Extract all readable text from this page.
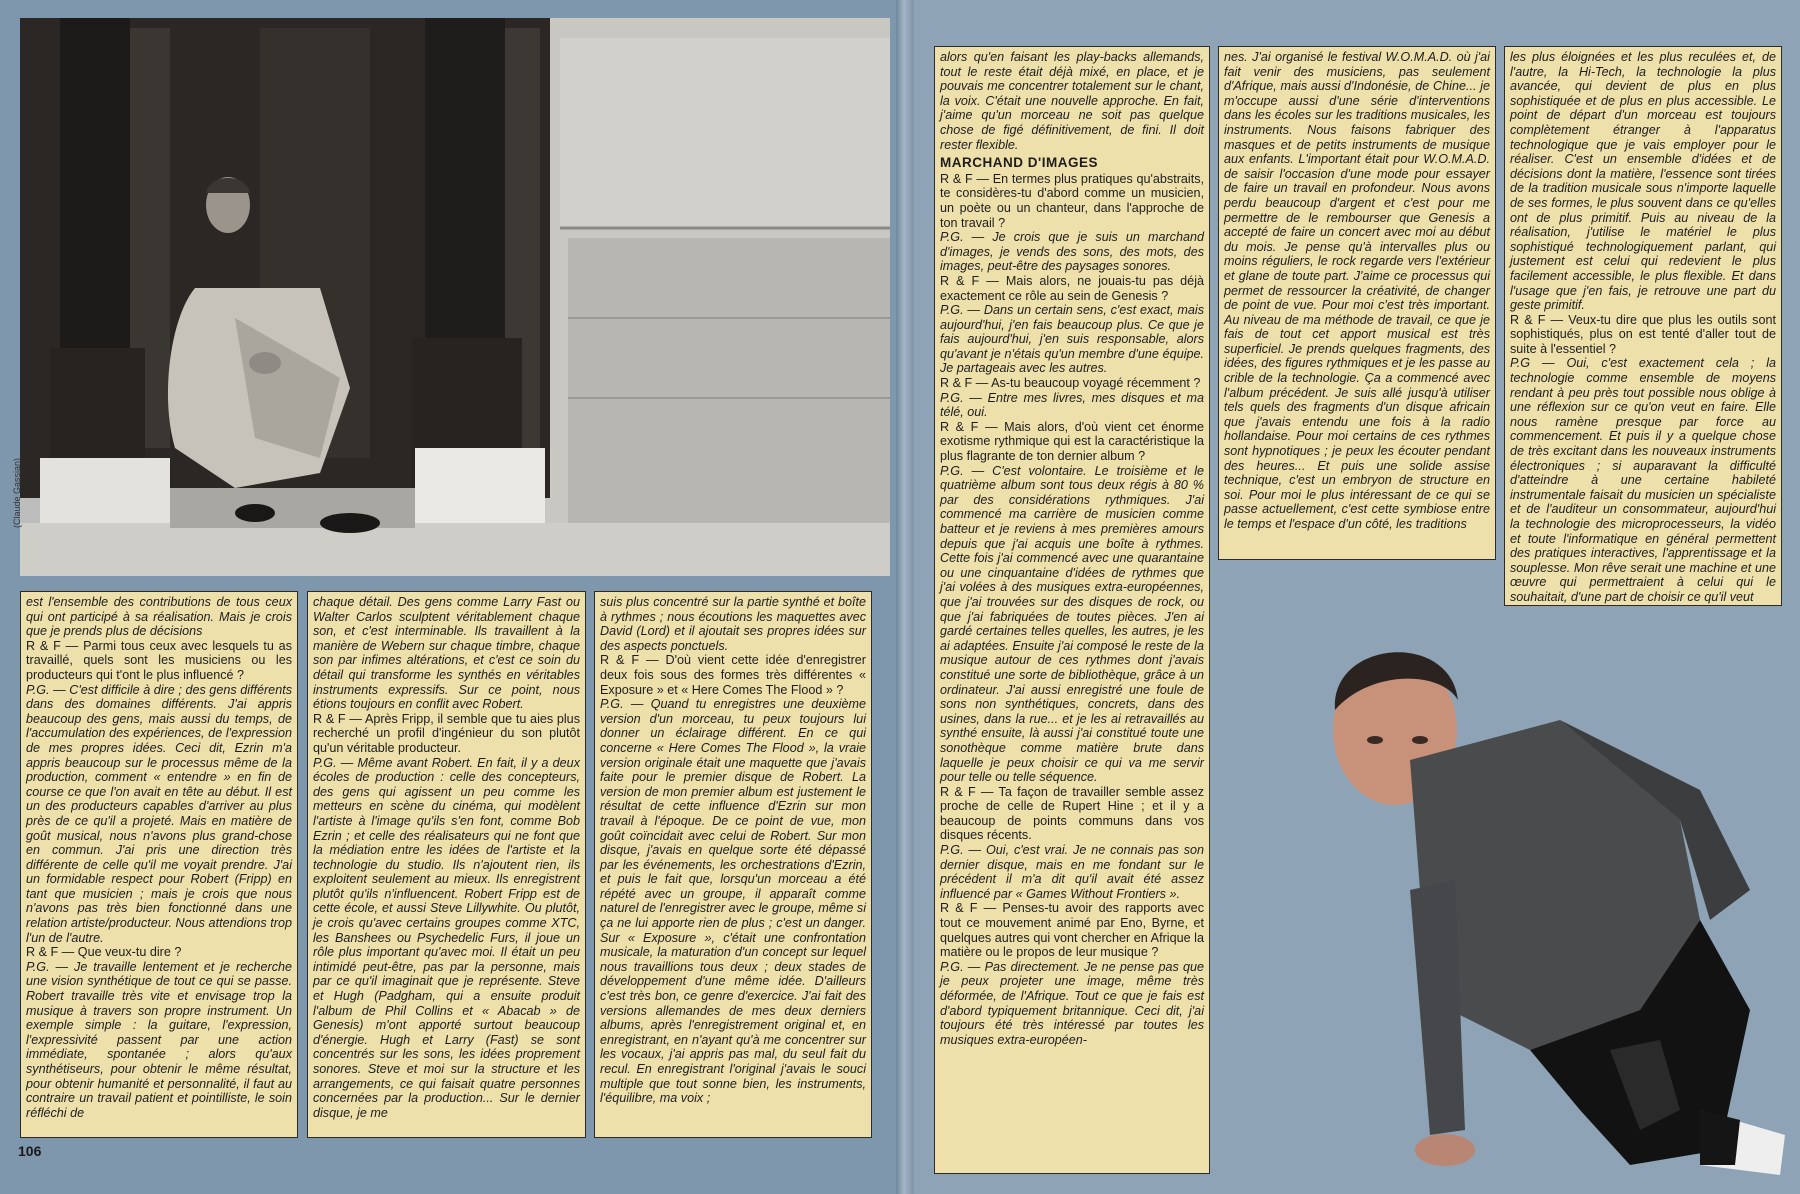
(Claude Gassian)

est l'ensemble des contributions de tous ceux qui ont participé à sa réalisation. Mais je crois que je prends plus de décisions

R & F — Parmi tous ceux avec lesquels tu as travaillé, quels sont les musiciens ou les producteurs qui t'ont le plus influencé ?

P.G. — C'est difficile à dire ; des gens différents dans des domaines différents. J'ai appris beaucoup des gens, mais aussi du temps, de l'accumulation des expériences, de l'expression de mes propres idées. Ceci dit, Ezrin m'a appris beaucoup sur le processus même de la production, comment « entendre » en fin de course ce que l'on avait en tête au début. Il est un des producteurs capables d'arriver au plus près de ce qu'il a projeté. Mais en matière de goût musical, nous n'avons plus grand-chose en commun. J'ai pris une direction très différente de celle qu'il me voyait prendre. J'ai un formidable respect pour Robert (Fripp) en tant que musicien ; mais je crois que nous n'avons pas très bien fonctionné dans une relation artiste/producteur. Nous attendions trop l'un de l'autre.

R & F — Que veux-tu dire ?

P.G. — Je travaille lentement et je recherche une vision synthétique de tout ce qui se passe. Robert travaille très vite et envisage trop la musique à travers son propre instrument. Un exemple simple : la guitare, l'expression, l'expressivité passent par une action immédiate, spontanée ; alors qu'aux synthétiseurs, pour obtenir le même résultat, pour obtenir humanité et personnalité, il faut au contraire un travail patient et pointilliste, le soin réfléchi de

chaque détail. Des gens comme Larry Fast ou Walter Carlos sculptent véritablement chaque son, et c'est interminable. Ils travaillent à la manière de Webern sur chaque timbre, chaque son par infimes altérations, et c'est ce soin du détail qui transforme les synthés en véritables instruments expressifs. Sur ce point, nous étions toujours en conflit avec Robert.

R & F — Après Fripp, il semble que tu aies plus recherché un profil d'ingénieur du son plutôt qu'un véritable producteur.

P.G. — Même avant Robert. En fait, il y a deux écoles de production : celle des concepteurs, des gens qui agissent un peu comme les metteurs en scène du cinéma, qui modèlent l'artiste à l'image qu'ils s'en font, comme Bob Ezrin ; et celle des réalisateurs qui ne font que la médiation entre les idées de l'artiste et la technologie du studio. Ils n'ajoutent rien, ils exploitent seulement au mieux. Ils enregistrent plutôt qu'ils n'influencent. Robert Fripp est de cette école, et aussi Steve Lillywhite. Ou plutôt, je crois qu'avec certains groupes comme XTC, les Banshees ou Psychedelic Furs, il joue un rôle plus important qu'avec moi. Il était un peu intimidé peut-être, pas par la personne, mais par ce qu'il imaginait que je représente. Steve et Hugh (Padgham, qui a ensuite produit l'album de Phil Collins et « Abacab » de Genesis) m'ont apporté surtout beaucoup d'énergie. Hugh et Larry (Fast) se sont concentrés sur les sons, les idées proprement sonores. Steve et moi sur la structure et les arrangements, ce qui faisait quatre personnes concernées par la production... Sur le dernier disque, je me

suis plus concentré sur la partie synthé et boîte à rythmes ; nous écoutions les maquettes avec David (Lord) et il ajoutait ses propres idées sur des aspects ponctuels.

R & F — D'où vient cette idée d'enregistrer deux fois sous des formes très différentes « Exposure » et « Here Comes The Flood » ?

P.G. — Quand tu enregistres une deuxième version d'un morceau, tu peux toujours lui donner un éclairage différent. En ce qui concerne « Here Comes The Flood », la vraie version originale était une maquette que j'avais faite pour le premier disque de Robert. La version de mon premier album est justement le résultat de cette influence d'Ezrin sur mon travail à l'époque. De ce point de vue, mon goût coïncidait avec celui de Robert. Sur mon disque, j'avais en quelque sorte été dépassé par les événements, les orchestrations d'Ezrin, et puis le fait que, lorsqu'un morceau a été répété avec un groupe, il apparaît comme naturel de l'enregistrer avec le groupe, même si ça ne lui apporte rien de plus ; c'est un danger. Sur « Exposure », c'était une confrontation musicale, la maturation d'un concept sur lequel nous travaillions tous deux ; deux stades de développement d'une même idée. D'ailleurs c'est très bon, ce genre d'exercice. J'ai fait des versions allemandes de mes deux derniers albums, après l'enregistrement original et, en enregistrant, en n'ayant qu'à me concentrer sur les vocaux, j'ai appris pas mal, du seul fait du recul. En enregistrant l'original j'avais le souci multiple que tout sonne bien, les instruments, l'équilibre, ma voix ;

alors qu'en faisant les play-backs allemands, tout le reste était déjà mixé, en place, et je pouvais me concentrer totalement sur le chant, la voix. C'était une nouvelle approche. En fait, j'aime qu'un morceau ne soit pas quelque chose de figé définitivement, de fini. Il doit rester flexible.

MARCHAND D'IMAGES

R & F — En termes plus pratiques qu'abstraits, te considères-tu d'abord comme un musicien, un poète ou un chanteur, dans l'approche de ton travail ?

P.G. — Je crois que je suis un marchand d'images, je vends des sons, des mots, des images, peut-être des paysages sonores.

R & F — Mais alors, ne jouais-tu pas déjà exactement ce rôle au sein de Genesis ?

P.G. — Dans un certain sens, c'est exact, mais aujourd'hui, j'en fais beaucoup plus. Ce que je fais aujourd'hui, j'en suis responsable, alors qu'avant je n'étais qu'un membre d'une équipe. Je partageais avec les autres.

R & F — As-tu beaucoup voyagé récemment ?

P.G. — Entre mes livres, mes disques et ma télé, oui.

R & F — Mais alors, d'où vient cet énorme exotisme rythmique qui est la caractéristique la plus flagrante de ton dernier album ?

P.G. — C'est volontaire. Le troisième et le quatrième album sont tous deux régis à 80 % par des considérations rythmiques. J'ai commencé ma carrière de musicien comme batteur et je reviens à mes premières amours depuis que j'ai acquis une boîte à rythmes. Cette fois j'ai commencé avec une quarantaine ou une cinquantaine d'idées de rythmes que j'ai volées à des musiques extra-européennes, que j'ai trouvées sur des disques de rock, ou que j'ai fabriquées de toutes pièces. J'en ai gardé certaines telles quelles, les autres, je les ai adaptées. Ensuite j'ai composé le reste de la musique autour de ces rythmes dont j'avais constitué une sorte de bibliothèque, grâce à un ordinateur. J'ai aussi enregistré une foule de sons non synthétiques, concrets, dans des usines, dans la rue... et je les ai retravaillés au synthé ensuite, là aussi j'ai constitué toute une sonothèque comme matière brute dans laquelle je peux choisir ce qui va me servir pour telle ou telle séquence.

R & F — Ta façon de travailler semble assez proche de celle de Rupert Hine ; et il y a beaucoup de points communs dans vos disques récents.

P.G. — Oui, c'est vrai. Je ne connais pas son dernier disque, mais en me fondant sur le précédent il m'a dit qu'il avait été assez influencé par « Games Without Frontiers ».

R & F — Penses-tu avoir des rapports avec tout ce mouvement animé par Eno, Byrne, et quelques autres qui vont chercher en Afrique la matière ou le propos de leur musique ?

P.G. — Pas directement. Je ne pense pas que je peux projeter une image, même très déformée, de l'Afrique. Tout ce que je fais est d'abord typiquement britannique. Ceci dit, j'ai toujours été très intéressé par toutes les musiques extra-européen-

nes. J'ai organisé le festival W.O.M.A.D. où j'ai fait venir des musiciens, pas seulement d'Afrique, mais aussi d'Indonésie, de Chine... je m'occupe aussi d'une série d'interventions dans les écoles sur les traditions musicales, les instruments. Nous faisons fabriquer des masques et de petits instruments de musique aux enfants. L'important était pour W.O.M.A.D. de saisir l'occasion d'une mode pour essayer de faire un travail en profondeur. Nous avons perdu beaucoup d'argent et c'est pour me permettre de le rembourser que Genesis a accepté de faire un concert avec moi au début du mois. Je pense qu'à intervalles plus ou moins réguliers, le rock regarde vers l'extérieur et glane de toute part. J'aime ce processus qui permet de ressourcer la créativité, de changer de point de vue. Pour moi c'est très important. Au niveau de ma méthode de travail, ce que je fais de tout cet apport musical est très superficiel. Je prends quelques fragments, des idées, des figures rythmiques et je les passe au crible de la technologie. Ça a commencé avec l'album précédent. Je suis allé jusqu'à utiliser tels quels des fragments d'un disque africain que j'avais entendu une fois à la radio hollandaise. Pour moi certains de ces rythmes sont hypnotiques ; je peux les écouter pendant des heures... Et puis une solide assise technique, c'est un embryon de structure en soi. Pour moi le plus intéressant de ce qui se passe actuellement, c'est cette symbiose entre le temps et l'espace d'un côté, les traditions

les plus éloignées et les plus reculées et, de l'autre, la Hi-Tech, la technologie la plus avancée, qui devient de plus en plus sophistiquée et de plus en plus accessible. Le point de départ d'un morceau est toujours complètement étranger à l'apparatus technologique que je vais employer pour le réaliser. C'est un ensemble d'idées et de décisions dont la matière, l'essence sont tirées de la tradition musicale sous n'importe laquelle de ses formes, le plus souvent dans ce qu'elles ont de plus primitif. Puis au niveau de la réalisation, j'utilise le matériel le plus sophistiqué technologiquement parlant, qui justement est celui qui redevient le plus facilement accessible, le plus flexible. Et dans l'usage que j'en fais, je retrouve une part du geste primitif.

R & F — Veux-tu dire que plus les outils sont sophistiqués, plus on est tenté d'aller tout de suite à l'essentiel ?

P.G — Oui, c'est exactement cela ; la technologie comme ensemble de moyens rendant à peu près tout possible nous oblige à une réflexion sur ce qu'on veut en faire. Elle nous ramène presque par force au commencement. Et puis il y a quelque chose de très excitant dans les nouveaux instruments électroniques ; si auparavant la difficulté d'atteindre à une certaine habileté instrumentale faisait du musicien un spécialiste et de l'auditeur un consommateur, aujourd'hui la technologie des microprocesseurs, la vidéo et toute l'informatique en général permettent des pratiques interactives, l'apprentissage et la souplesse. Mon rêve serait une machine et une œuvre qui permettraient à celui qui le souhaitait, d'une part de choisir ce qu'il veut

106
